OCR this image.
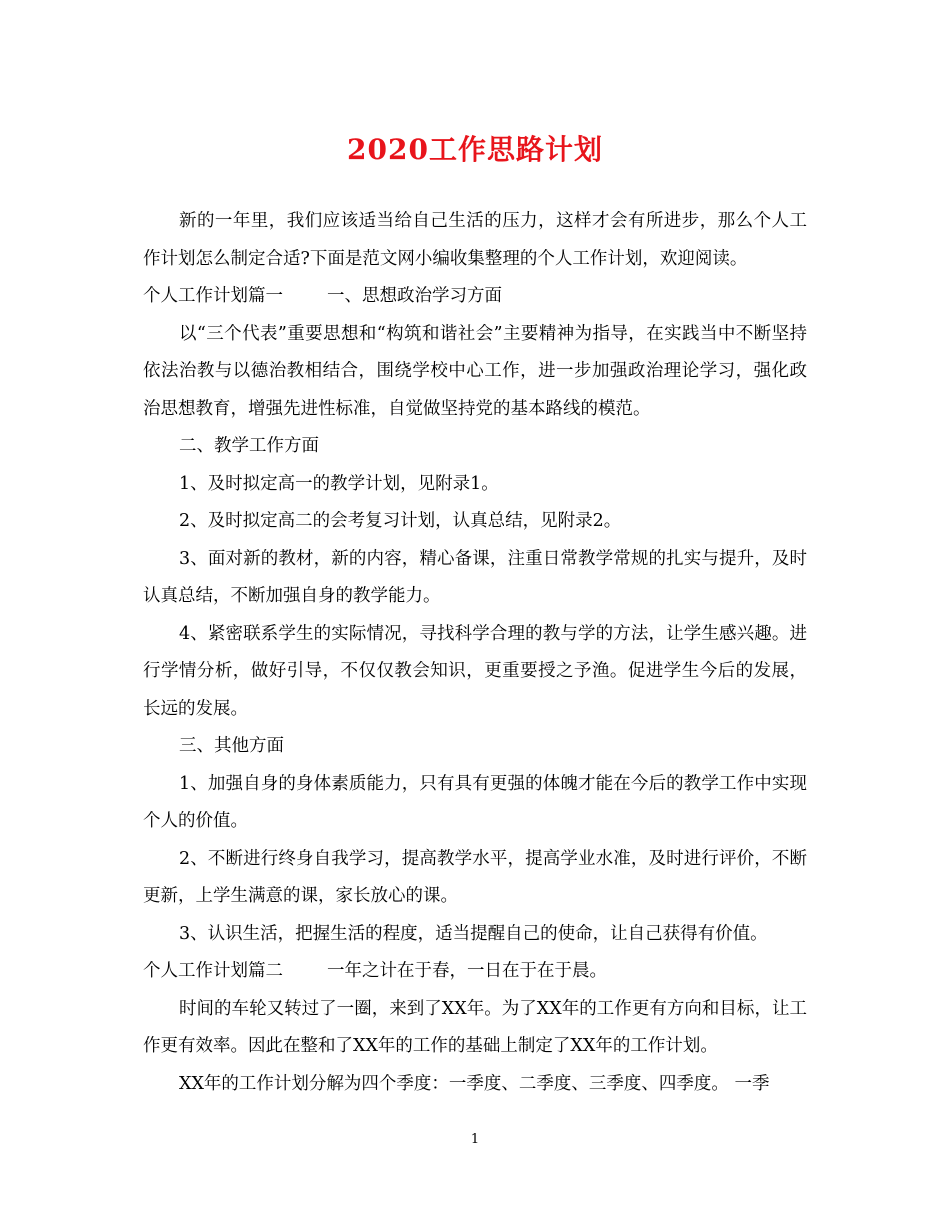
2020工作思路计划

新的一年里，我们应该适当给自己生活的压力，这样才会有所进步，那么个人工作计划怎么制定合适?下面是范文网小编收集整理的个人工作计划，欢迎阅读。

个人工作计划篇一	一、思想政治学习方面

以“三个代表”重要思想和“构筑和谐社会”主要精神为指导，在实践当中不断坚持依法治教与以德治教相结合，围绕学校中心工作，进一步加强政治理论学习，强化政治思想教育，增强先进性标准，自觉做坚持党的基本路线的模范。

二、教学工作方面

1、及时拟定高一的教学计划，见附录1。

2、及时拟定高二的会考复习计划，认真总结，见附录2。

3、面对新的教材，新的内容，精心备课，注重日常教学常规的扎实与提升，及时认真总结，不断加强自身的教学能力。

4、紧密联系学生的实际情况，寻找科学合理的教与学的方法，让学生感兴趣。进行学情分析，做好引导，不仅仅教会知识，更重要授之予渔。促进学生今后的发展，长远的发展。

三、其他方面

1、加强自身的身体素质能力，只有具有更强的体魄才能在今后的教学工作中实现个人的价值。

2、不断进行终身自我学习，提高教学水平，提高学业水准，及时进行评价，不断更新，上学生满意的课，家长放心的课。

3、认识生活，把握生活的程度，适当提醒自己的使命，让自己获得有价值。

个人工作计划篇二	一年之计在于春，一日在于在于晨。

时间的车轮又转过了一圈，来到了XX年。为了XX年的工作更有方向和目标，让工作更有效率。因此在整和了XX年的工作的基础上制定了XX年的工作计划。

XX年的工作计划分解为四个季度：一季度、二季度、三季度、四季度。 一季

1
